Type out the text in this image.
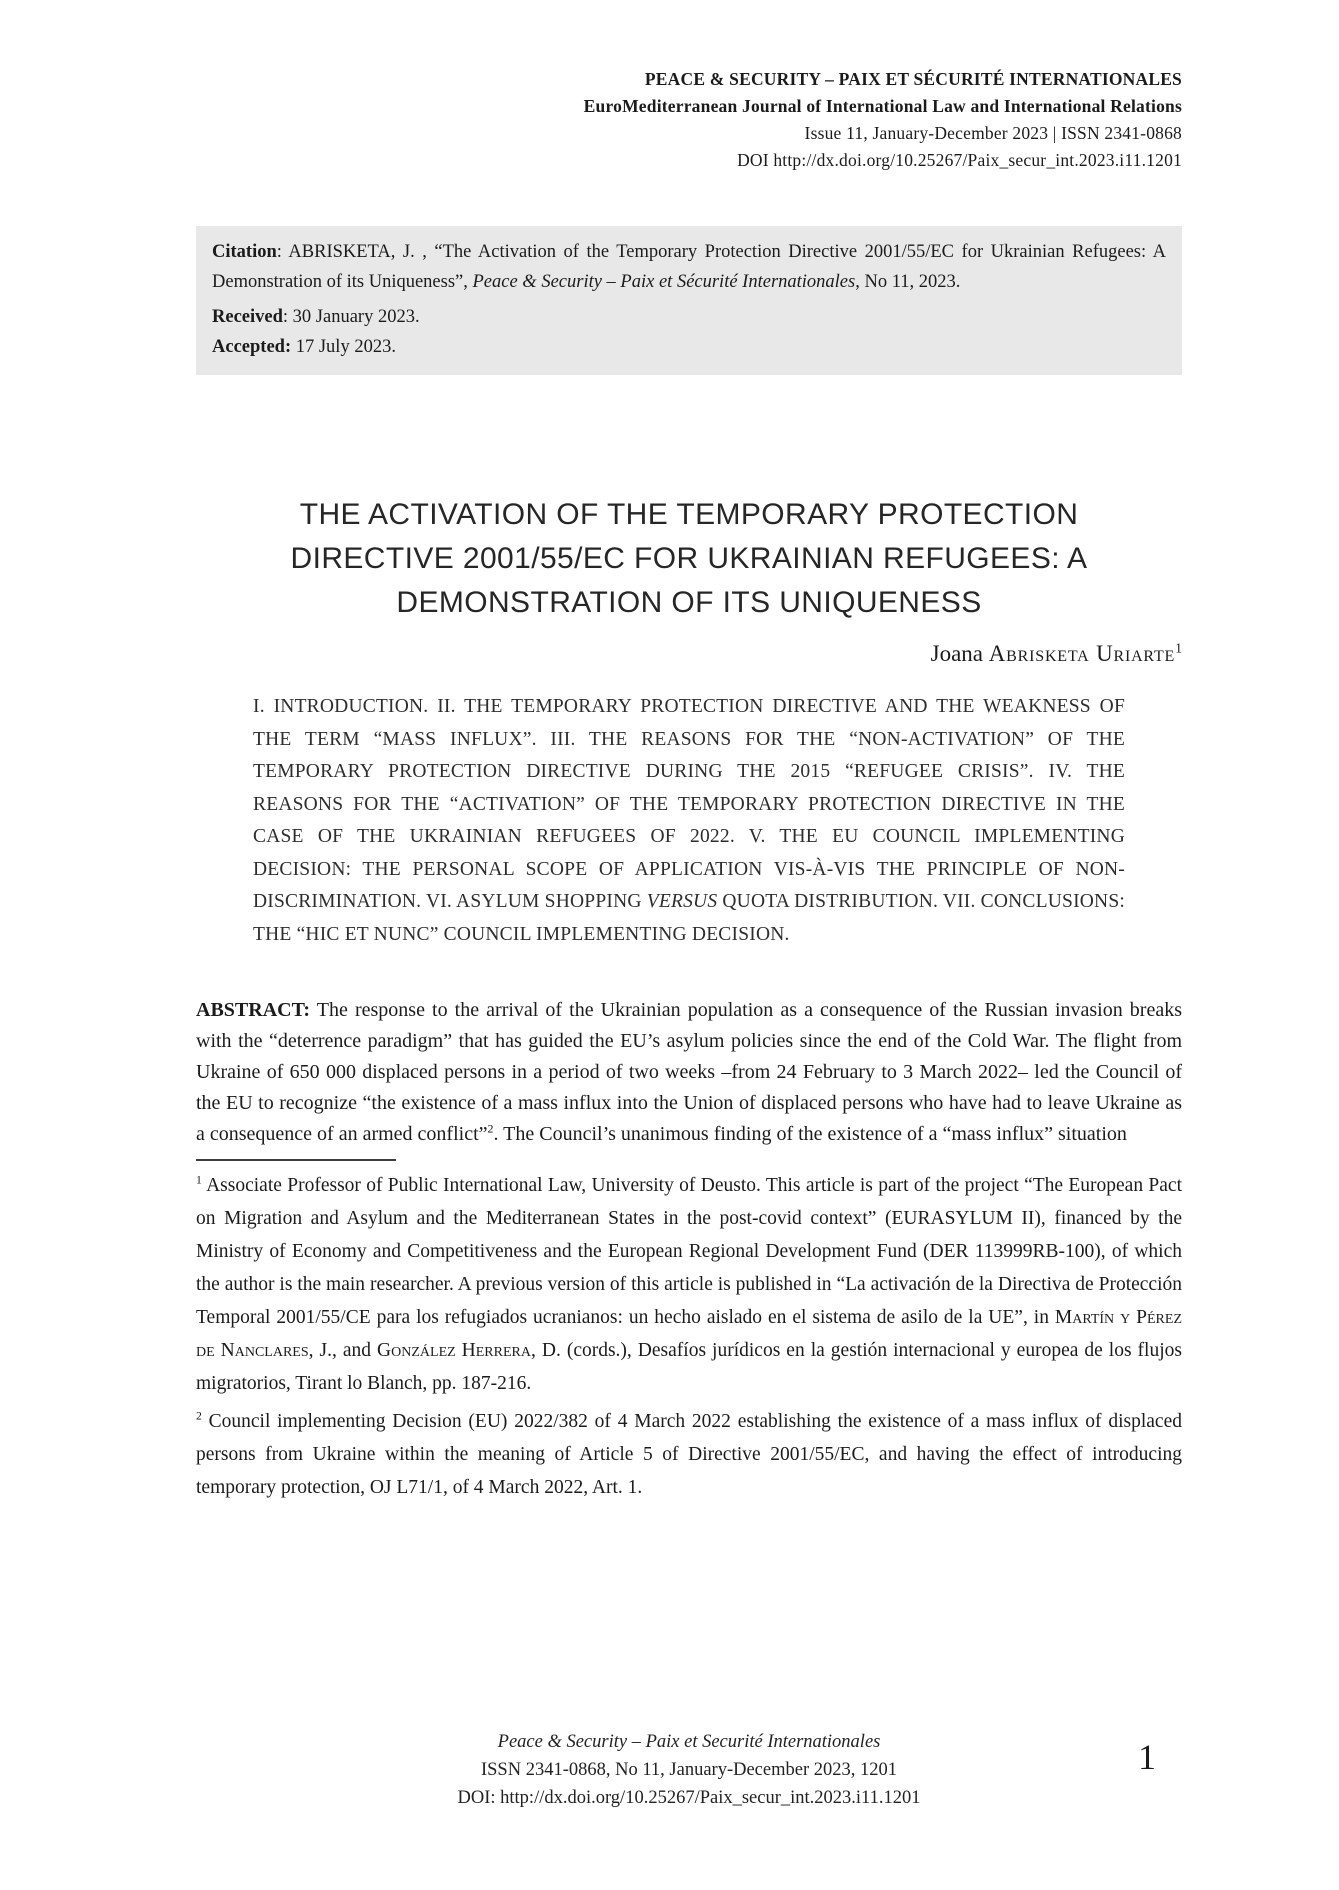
PEACE & SECURITY – PAIX ET SÉCURITÉ INTERNATIONALES
EuroMediterranean Journal of International Law and International Relations
Issue 11, January-December 2023 | ISSN 2341-0868
DOI http://dx.doi.org/10.25267/Paix_secur_int.2023.i11.1201

Citation: ABRISKETA, J. , “The Activation of the Temporary Protection Directive 2001/55/EC for Ukrainian Refugees: A Demonstration of its Uniqueness”, Peace & Security – Paix et Sécurité Internationales, No 11, 2023.

Received: 30 January 2023.

Accepted: 17 July 2023.

THE ACTIVATION OF THE TEMPORARY PROTECTION DIRECTIVE 2001/55/EC FOR UKRAINIAN REFUGEES: A DEMONSTRATION OF ITS UNIQUENESS
Joana Abrisketa Uriarte$^1$

I. INTRODUCTION. II. THE TEMPORARY PROTECTION DIRECTIVE AND THE WEAKNESS OF THE TERM “MASS INFLUX”. III. THE REASONS FOR THE “NON-ACTIVATION” OF THE TEMPORARY PROTECTION DIRECTIVE DURING THE 2015 “REFUGEE CRISIS”. IV. THE REASONS FOR THE “ACTIVATION” OF THE TEMPORARY PROTECTION DIRECTIVE IN THE CASE OF THE UKRAINIAN REFUGEES OF 2022. V. THE EU COUNCIL IMPLEMENTING DECISION: THE PERSONAL SCOPE OF APPLICATION VIS-À-VIS THE PRINCIPLE OF NON-DISCRIMINATION. VI. ASYLUM SHOPPING VERSUS QUOTA DISTRIBUTION. VII. CONCLUSIONS: THE “HIC ET NUNC” COUNCIL IMPLEMENTING DECISION.

ABSTRACT: The response to the arrival of the Ukrainian population as a consequence of the Russian invasion breaks with the “deterrence paradigm” that has guided the EU’s asylum policies since the end of the Cold War. The flight from Ukraine of 650 000 displaced persons in a period of two weeks –from 24 February to 3 March 2022– led the Council of the EU to recognize “the existence of a mass influx into the Union of displaced persons who have had to leave Ukraine as a consequence of an armed conflict”$^2$. The Council’s unanimous finding of the existence of a “mass influx” situation

$^1$ Associate Professor of Public International Law, University of Deusto. This article is part of the project “The European Pact on Migration and Asylum and the Mediterranean States in the post-covid context” (EURASYLUM II), financed by the Ministry of Economy and Competitiveness and the European Regional Development Fund (DER 113999RB-100), of which the author is the main researcher. A previous version of this article is published in “La activación de la Directiva de Protección Temporal 2001/55/CE para los refugiados ucranianos: un hecho aislado en el sistema de asilo de la UE”, in Martín y Pérez de Nanclares, J., and González Herrera, D. (cords.), Desafíos jurídicos en la gestión internacional y europea de los flujos migratorios, Tirant lo Blanch, pp. 187-216.

$^2$ Council implementing Decision (EU) 2022/382 of 4 March 2022 establishing the existence of a mass influx of displaced persons from Ukraine within the meaning of Article 5 of Directive 2001/55/EC, and having the effect of introducing temporary protection, OJ L71/1, of 4 March 2022, Art. 1.

Peace & Security – Paix et Securité Internationales
ISSN 2341-0868, No 11, January-December 2023, 1201
DOI: http://dx.doi.org/10.25267/Paix_secur_int.2023.i11.1201
1
